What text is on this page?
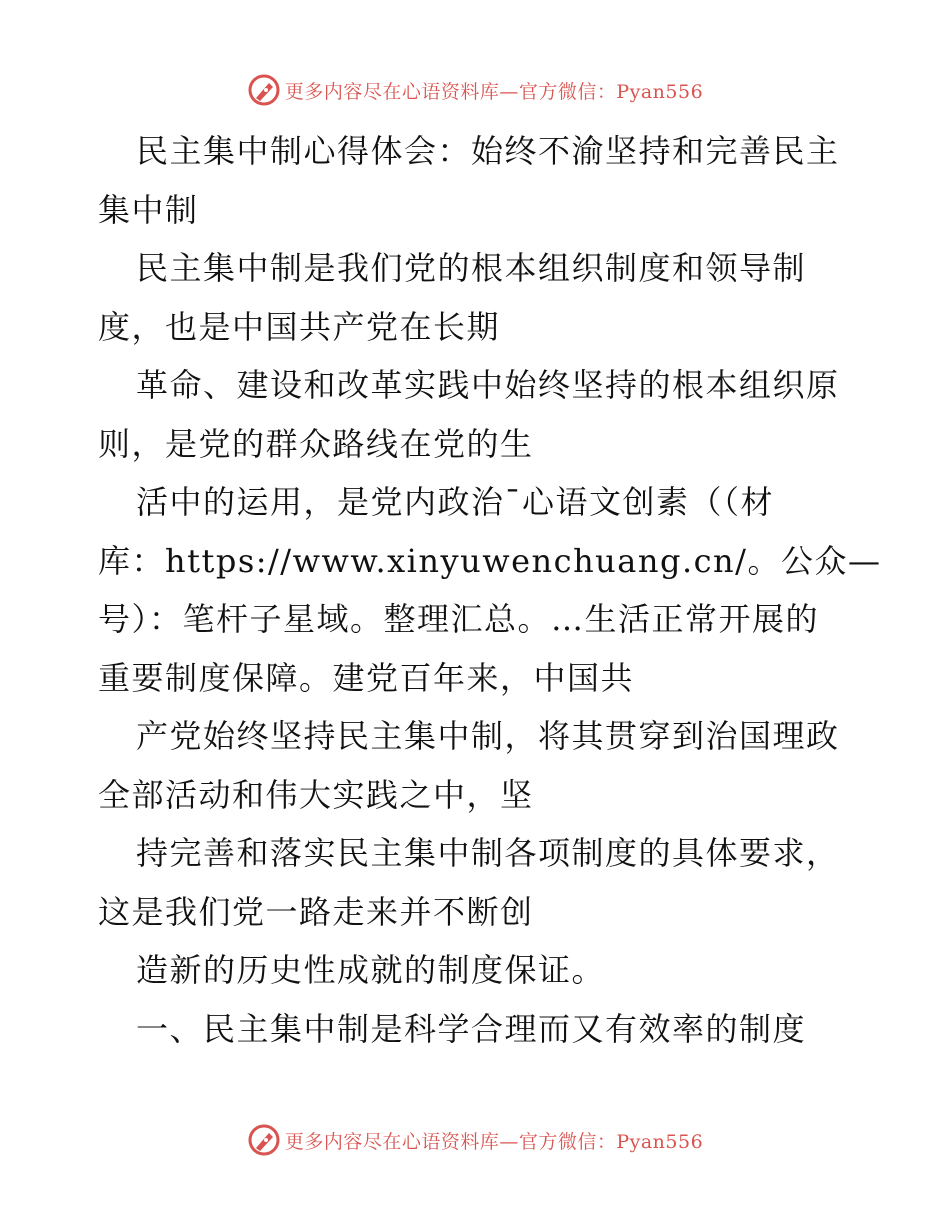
更多内容尽在心语资料库—官方微信：Pyan556
民主集中制心得体会：始终不渝坚持和完善民主
集中制
民主集中制是我们党的根本组织制度和领导制
度，也是中国共产党在长期
革命、建设和改革实践中始终坚持的根本组织原
则，是党的群众路线在党的生
活中的运用，是党内政治¯心语文创素（（材
库：https://www.xinyuwenchuang.cn/。公众—
号）：笔杆子星域。整理汇总。…生活正常开展的
重要制度保障。建党百年来，中国共
产党始终坚持民主集中制，将其贯穿到治国理政
全部活动和伟大实践之中，坚
持完善和落实民主集中制各项制度的具体要求，
这是我们党一路走来并不断创
造新的历史性成就的制度保证。
一、民主集中制是科学合理而又有效率的制度
更多内容尽在心语资料库—官方微信：Pyan556
